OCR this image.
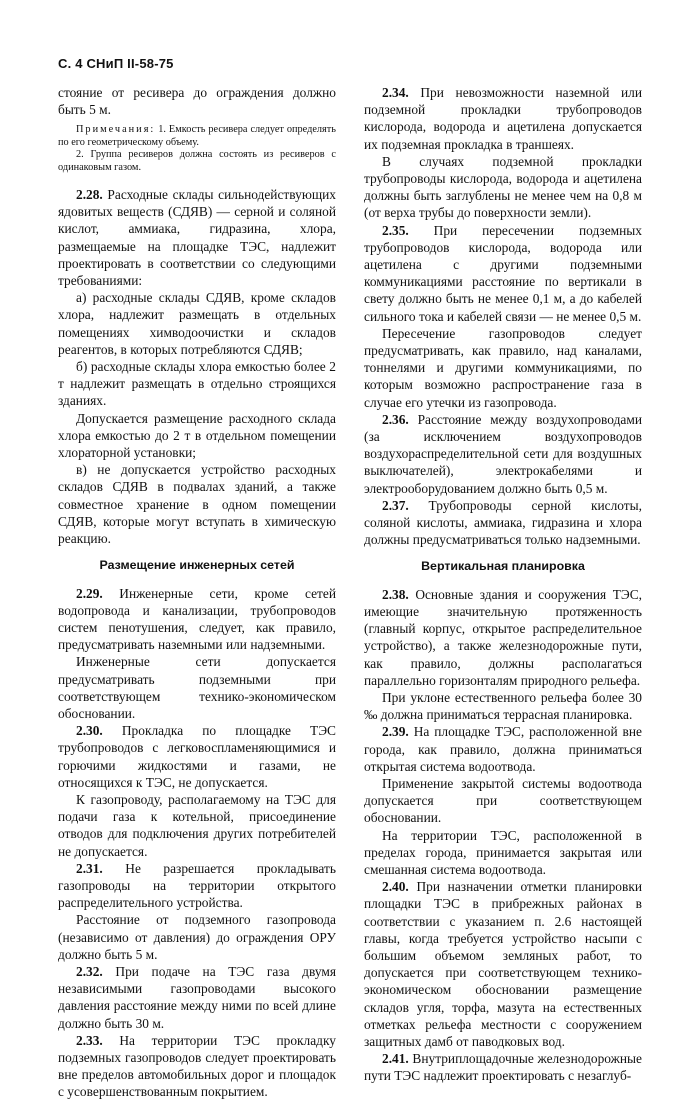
С. 4 СНиП II-58-75

стояние от ресивера до ограждения должно быть 5 м.

Примечания: 1. Емкость ресивера следует определять по его геометрическому объему.

2. Группа ресиверов должна состоять из ресиверов с одинаковым газом.

2.28. Расходные склады сильнодействующих ядовитых веществ (СДЯВ) — серной и соляной кислот, аммиака, гидразина, хлора, размещаемые на площадке ТЭС, надлежит проектировать в соответствии со следующими требованиями:

а) расходные склады СДЯВ, кроме складов хлора, надлежит размещать в отдельных помещениях химводоочистки и складов реагентов, в которых потребляются СДЯВ;

б) расходные склады хлора емкостью более 2 т надлежит размещать в отдельно строящихся зданиях.

Допускается размещение расходного склада хлора емкостью до 2 т в отдельном помещении хлораторной установки;

в) не допускается устройство расходных складов СДЯВ в подвалах зданий, а также совместное хранение в одном помещении СДЯВ, которые могут вступать в химическую реакцию.

Размещение инженерных сетей

2.29. Инженерные сети, кроме сетей водопровода и канализации, трубопроводов систем пенотушения, следует, как правило, предусматривать наземными или надземными.

Инженерные сети допускается предусматривать подземными при соответствующем технико-экономическом обосновании.

2.30. Прокладка по площадке ТЭС трубопроводов с легковоспламеняющимися и горючими жидкостями и газами, не относящихся к ТЭС, не допускается.

К газопроводу, располагаемому на ТЭС для подачи газа к котельной, присоединение отводов для подключения других потребителей не допускается.

2.31. Не разрешается прокладывать газопроводы на территории открытого распределительного устройства.

Расстояние от подземного газопровода (независимо от давления) до ограждения ОРУ должно быть 5 м.

2.32. При подаче на ТЭС газа двумя независимыми газопроводами высокого давления расстояние между ними по всей длине должно быть 30 м.

2.33. На территории ТЭС прокладку подземных газопроводов следует проектировать вне пределов автомобильных дорог и площадок с усовершенствованным покрытием.

2.34. При невозможности наземной или подземной прокладки трубопроводов кислорода, водорода и ацетилена допускается их подземная прокладка в траншеях.

В случаях подземной прокладки трубопроводы кислорода, водорода и ацетилена должны быть заглублены не менее чем на 0,8 м (от верха трубы до поверхности земли).

2.35. При пересечении подземных трубопроводов кислорода, водорода или ацетилена с другими подземными коммуникациями расстояние по вертикали в свету должно быть не менее 0,1 м, а до кабелей сильного тока и кабелей связи — не менее 0,5 м.

Пересечение газопроводов следует предусматривать, как правило, над каналами, тоннелями и другими коммуникациями, по которым возможно распространение газа в случае его утечки из газопровода.

2.36. Расстояние между воздухопроводами (за исключением воздухопроводов воздухораспределительной сети для воздушных выключателей), электрокабелями и электрооборудованием должно быть 0,5 м.

2.37. Трубопроводы серной кислоты, соляной кислоты, аммиака, гидразина и хлора должны предусматриваться только надземными.

Вертикальная планировка

2.38. Основные здания и сооружения ТЭС, имеющие значительную протяженность (главный корпус, открытое распределительное устройство), а также железнодорожные пути, как правило, должны располагаться параллельно горизонталям природного рельефа.

При уклоне естественного рельефа более 30 ‰ должна приниматься террасная планировка.

2.39. На площадке ТЭС, расположенной вне города, как правило, должна приниматься открытая система водоотвода.

Применение закрытой системы водоотвода допускается при соответствующем обосновании.

На территории ТЭС, расположенной в пределах города, принимается закрытая или смешанная система водоотвода.

2.40. При назначении отметки планировки площадки ТЭС в прибрежных районах в соответствии с указанием п. 2.6 настоящей главы, когда требуется устройство насыпи с большим объемом земляных работ, то допускается при соответствующем технико-экономическом обосновании размещение складов угля, торфа, мазута на естественных отметках рельефа местности с сооружением защитных дамб от паводковых вод.

2.41. Внутриплощадочные железнодорожные пути ТЭС надлежит проектировать с незаглуб-
